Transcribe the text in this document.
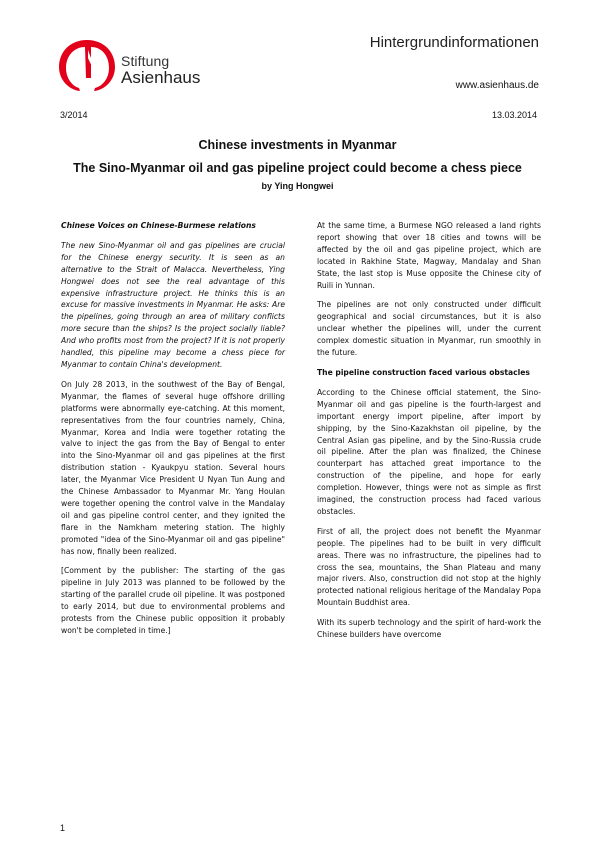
Stiftung
Asienhaus
Hintergrundinformationen
www.asienhaus.de
3/2014	13.03.2014
Chinese investments in Myanmar
The Sino-Myanmar oil and gas pipeline project could become a chess piece
by Ying Hongwei
Chinese Voices on Chinese-Burmese relations

The new Sino-Myanmar oil and gas pipelines are crucial for the Chinese energy security. It is seen as an alternative to the Strait of Malacca. Nevertheless, Ying Hongwei does not see the real advantage of this expensive infrastructure project. He thinks this is an excuse for massive investments in Myanmar. He asks: Are the pipelines, going through an area of military conflicts more secure than the ships? Is the project socially liable? And who profits most from the project? If it is not properly handled, this pipeline may become a chess piece for Myanmar to contain China's development.

On July 28 2013, in the southwest of the Bay of Bengal, Myanmar, the flames of several huge offshore drilling platforms were abnormally eye-catching. At this moment, representatives from the four countries namely, China, Myanmar, Korea and India were together rotating the valve to inject the gas from the Bay of Bengal to enter into the Sino-Myanmar oil and gas pipelines at the first distribution station - Kyaukpyu station. Several hours later, the Myanmar Vice President U Nyan Tun Aung and the Chinese Ambassador to Myanmar Mr. Yang Houlan were together opening the control valve in the Mandalay oil and gas pipeline control center, and they ignited the flare in the Namkham metering station. The highly promoted "idea of the Sino-Myanmar oil and gas pipeline" has now, finally been realized.

[Comment by the publisher: The starting of the gas pipeline in July 2013 was planned to be followed by the starting of the parallel crude oil pipeline. It was postponed to early 2014, but due to environmental problems and protests from the Chinese public opposition it probably won't be completed in time.]

At the same time, a Burmese NGO released a land rights report showing that over 18 cities and towns will be affected by the oil and gas pipeline project, which are located in Rakhine State, Magway, Mandalay and Shan State, the last stop is Muse opposite the Chinese city of Ruili in Yunnan.

The pipelines are not only constructed under difficult geographical and social circumstances, but it is also unclear whether the pipelines will, under the current complex domestic situation in Myanmar, run smoothly in the future.

The pipeline construction faced various obstacles

According to the Chinese official statement, the Sino-Myanmar oil and gas pipeline is the fourth-largest and important energy import pipeline, after import by shipping, by the Sino-Kazakhstan oil pipeline, by the Central Asian gas pipeline, and by the Sino-Russia crude oil pipeline. After the plan was finalized, the Chinese counterpart has attached great importance to the construction of the pipeline, and hope for early completion. However, things were not as simple as first imagined, the construction process had faced various obstacles.

First of all, the project does not benefit the Myanmar people. The pipelines had to be built in very difficult areas. There was no infrastructure, the pipelines had to cross the sea, mountains, the Shan Plateau and many major rivers. Also, construction did not stop at the highly protected national religious heritage of the Mandalay Popa Mountain Buddhist area.

With its superb technology and the spirit of hard-work the Chinese builders have overcome

1
